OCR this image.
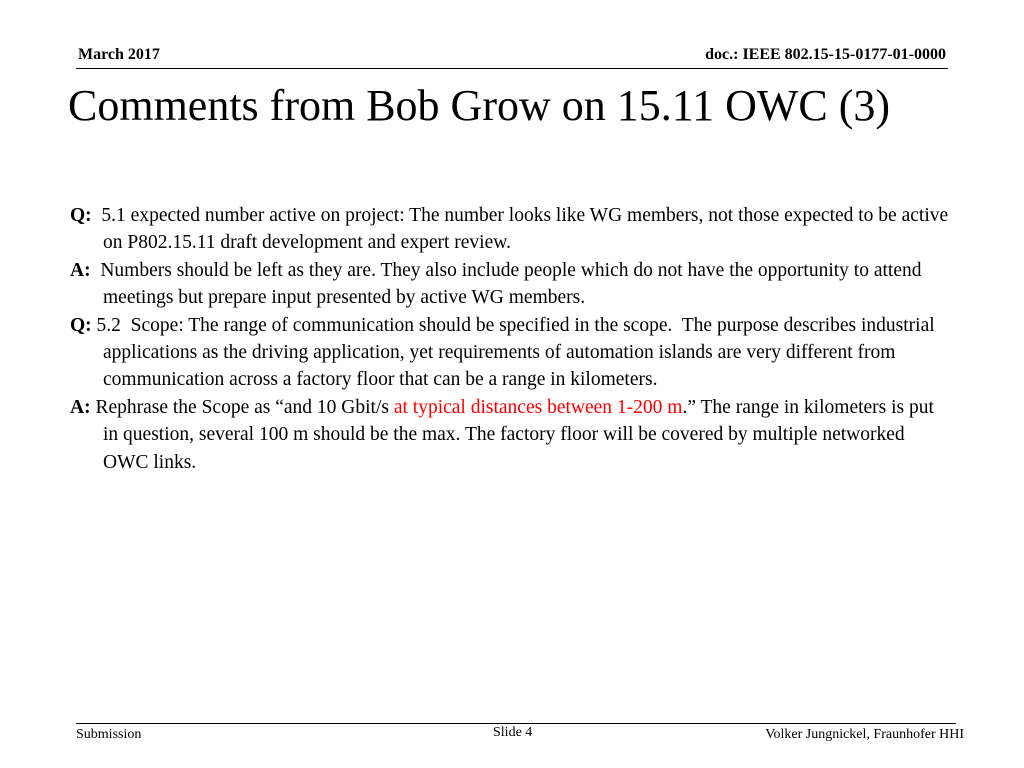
March 2017	doc.: IEEE 802.15-15-0177-01-0000
Comments from Bob Grow on 15.11 OWC (3)

Q: 5.1 expected number active on project: The number looks like WG members, not those expected to be active on P802.15.11 draft development and expert review.

A: Numbers should be left as they are. They also include people which do not have the opportunity to attend meetings but prepare input presented by active WG members.

Q: 5.2  Scope: The range of communication should be specified in the scope.  The purpose describes industrial applications as the driving application, yet requirements of automation islands are very different from communication across a factory floor that can be a range in kilometers.

A: Rephrase the Scope as “and 10 Gbit/s at typical distances between 1-200 m.” The range in kilometers is put in question, several 100 m should be the max. The factory floor will be covered by multiple networked OWC links.

Submission	Slide 4	Volker Jungnickel, Fraunhofer HHI
